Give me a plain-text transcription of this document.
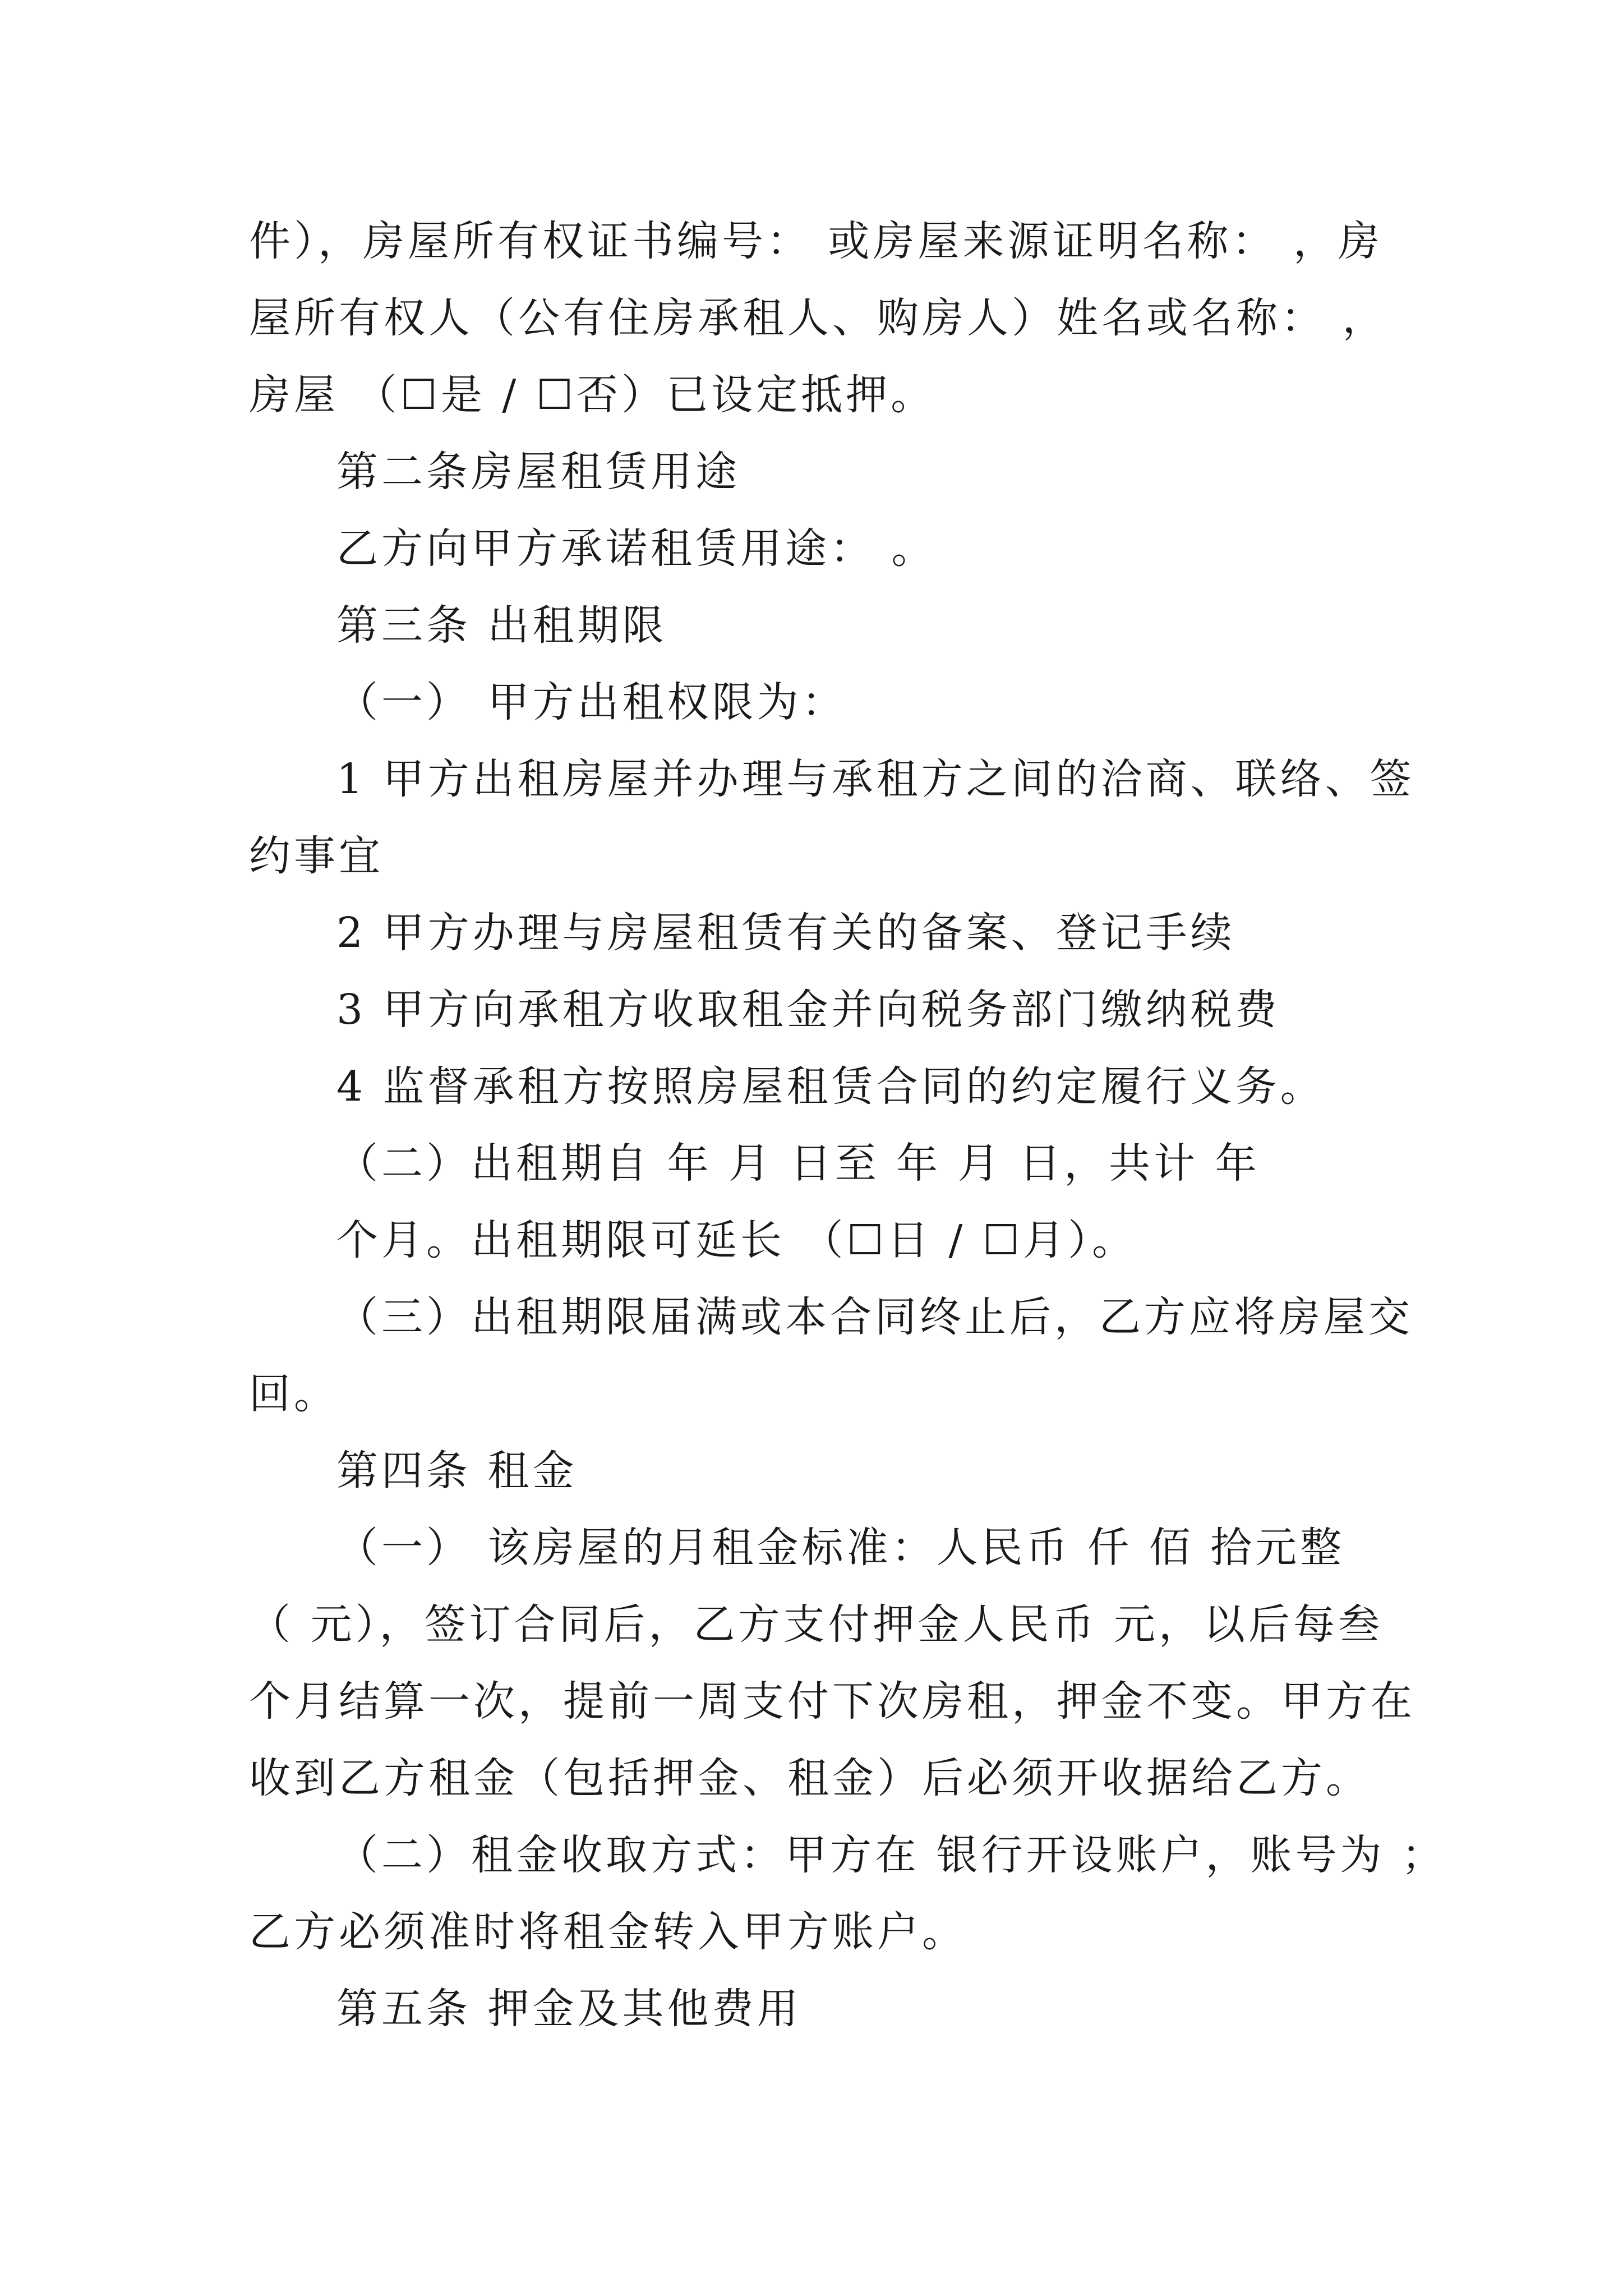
件），房屋所有权证书编号： 或房屋来源证明名称： ，房
屋所有权人（公有住房承租人、购房人）姓名或名称： ，
房屋 （☐是 / ☐否）已设定抵押。
第二条房屋租赁用途
乙方向甲方承诺租赁用途： 。
第三条 出租期限
（一） 甲方出租权限为：
1 甲方出租房屋并办理与承租方之间的洽商、联络、签
约事宜
2 甲方办理与房屋租赁有关的备案、登记手续
3 甲方向承租方收取租金并向税务部门缴纳税费
4 监督承租方按照房屋租赁合同的约定履行义务。
（二）出租期自 年 月 日至 年 月 日，共计 年
个月。出租期限可延长 （☐日 / ☐月）。
（三）出租期限届满或本合同终止后，乙方应将房屋交
回。
第四条 租金
（一） 该房屋的月租金标准：人民币 仟 佰 拾元整
（ 元），签订合同后，乙方支付押金人民币 元，以后每叁
个月结算一次，提前一周支付下次房租，押金不变。甲方在
收到乙方租金（包括押金、租金）后必须开收据给乙方。
（二）租金收取方式：甲方在 银行开设账户，账号为 ；
乙方必须准时将租金转入甲方账户。
第五条 押金及其他费用
